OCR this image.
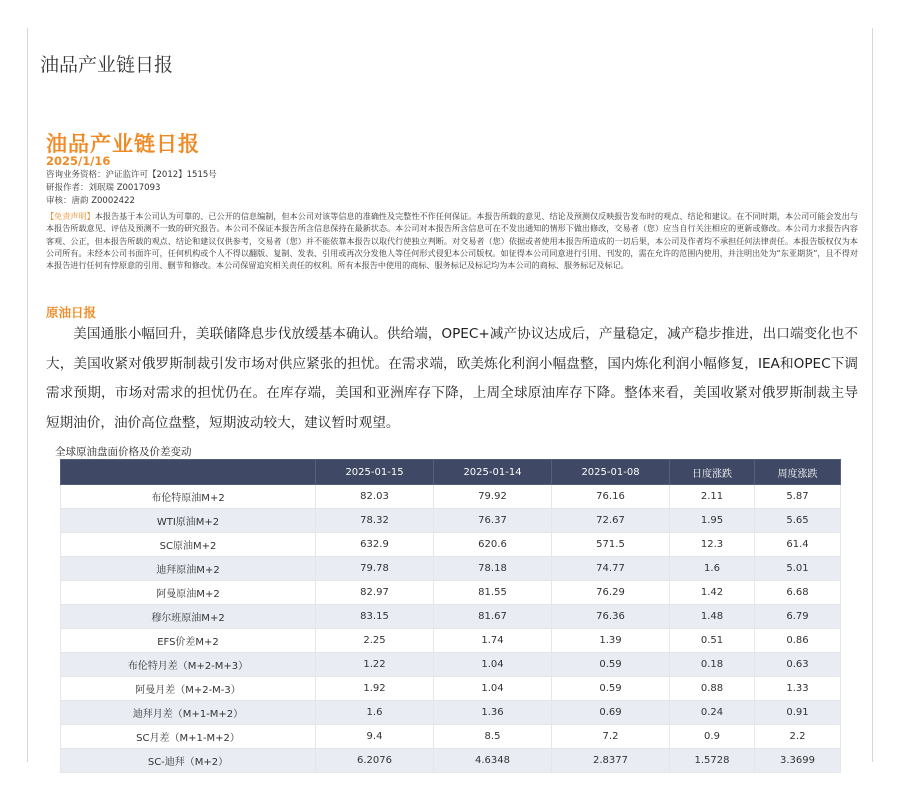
油品产业链日报
油品产业链日报
2025/1/16
咨询业务资格：沪证监许可【2012】1515号
研报作者：刘珉瑞 Z0017093
审核：唐韵 Z0002422
【免责声明】本报告基于本公司认为可靠的、已公开的信息编制，但本公司对该等信息的准确性及完整性不作任何保证。本报告所载的意见、结论及预测仅反映报告发布时的观点、结论和建议。在不同时期，本公司可能会发出与本报告所载意见、评估及预测不一致的研究报告。本公司不保证本报告所含信息保持在最新状态。本公司对本报告所含信息可在不发出通知的情形下做出修改，交易者（您）应当自行关注相应的更新或修改。本公司力求报告内容客观、公正，但本报告所载的观点、结论和建议仅供参考，交易者（您）并不能依靠本报告以取代行使独立判断。对交易者（您）依据或者使用本报告所造成的一切后果，本公司及作者均不承担任何法律责任。本报告版权仅为本公司所有。未经本公司书面许可，任何机构或个人不得以翻版、复制、发表、引用或再次分发他人等任何形式侵犯本公司版权。如征得本公司同意进行引用、刊发的，需在允许的范围内使用，并注明出处为“东亚期货”，且不得对本报告进行任何有悖原意的引用、删节和修改。本公司保留追究相关责任的权利。所有本报告中使用的商标、服务标记及标记均为本公司的商标、服务标记及标记。
原油日报
美国通胀小幅回升，美联储降息步伐放缓基本确认。供给端，OPEC+减产协议达成后，产量稳定，减产稳步推进，出口端变化也不大，美国收紧对俄罗斯制裁引发市场对供应紧张的担忧。在需求端，欧美炼化利润小幅盘整，国内炼化利润小幅修复，IEA和OPEC下调需求预期，市场对需求的担忧仍在。在库存端，美国和亚洲库存下降，上周全球原油库存下降。整体来看，美国收紧对俄罗斯制裁主导短期油价，油价高位盘整，短期波动较大，建议暂时观望。
全球原油盘面价格及价差变动
	2025-01-15	2025-01-14	2025-01-08	日度涨跌	周度涨跌
布伦特原油M+2	82.03	79.92	76.16	2.11	5.87
WTI原油M+2	78.32	76.37	72.67	1.95	5.65
SC原油M+2	632.9	620.6	571.5	12.3	61.4
迪拜原油M+2	79.78	78.18	74.77	1.6	5.01
阿曼原油M+2	82.97	81.55	76.29	1.42	6.68
穆尔班原油M+2	83.15	81.67	76.36	1.48	6.79
EFS价差M+2	2.25	1.74	1.39	0.51	0.86
布伦特月差（M+2-M+3）	1.22	1.04	0.59	0.18	0.63
阿曼月差（M+2-M-3）	1.92	1.04	0.59	0.88	1.33
迪拜月差（M+1-M+2）	1.6	1.36	0.69	0.24	0.91
SC月差（M+1-M+2）	9.4	8.5	7.2	0.9	2.2
SC-迪拜（M+2）	6.2076	4.6348	2.8377	1.5728	3.3699
